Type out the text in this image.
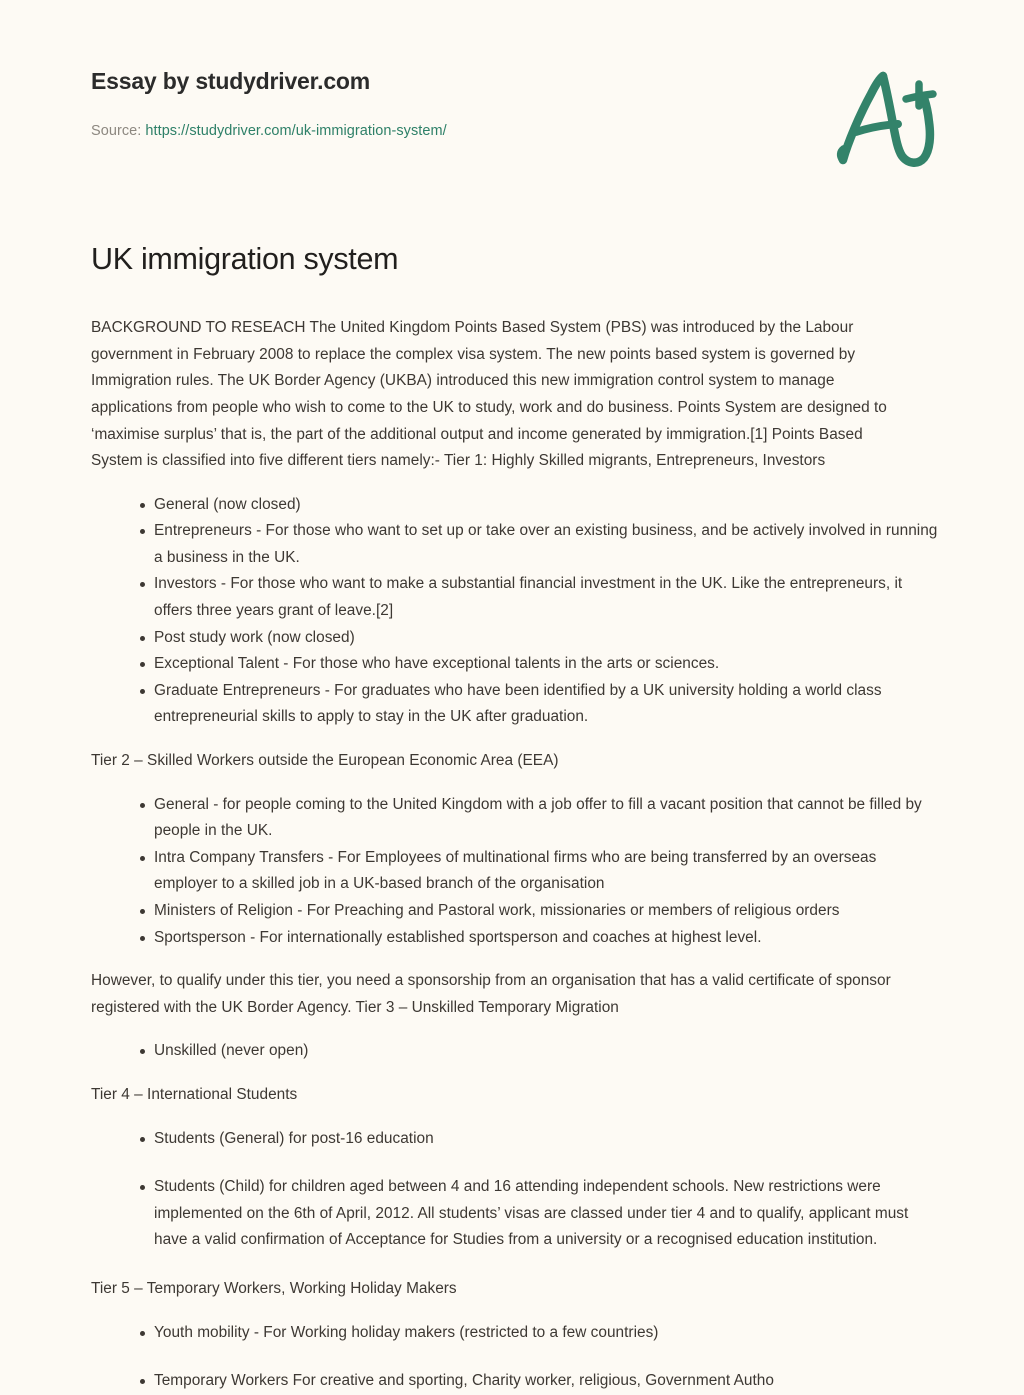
Essay by studydriver.com
Source: https://studydriver.com/uk-immigration-system/
UK immigration system

BACKGROUND TO RESEACH The United Kingdom Points Based System (PBS) was introduced by the Labour government in February 2008 to replace the complex visa system. The new points based system is governed by Immigration rules. The UK Border Agency (UKBA) introduced this new immigration control system to manage applications from people who wish to come to the UK to study, work and do business. Points System are designed to ‘maximise surplus’ that is, the part of the additional output and income generated by immigration.[1] Points Based System is classified into five different tiers namely:- Tier 1: Highly Skilled migrants, Entrepreneurs, Investors

General (now closed)
Entrepreneurs - For those who want to set up or take over an existing business, and be actively involved in running a business in the UK.
Investors - For those who want to make a substantial financial investment in the UK. Like the entrepreneurs, it offers three years grant of leave.[2]
Post study work (now closed)
Exceptional Talent - For those who have exceptional talents in the arts or sciences.
Graduate Entrepreneurs - For graduates who have been identified by a UK university holding a world class entrepreneurial skills to apply to stay in the UK after graduation.

Tier 2 – Skilled Workers outside the European Economic Area (EEA)

General - for people coming to the United Kingdom with a job offer to fill a vacant position that cannot be filled by people in the UK.
Intra Company Transfers - For Employees of multinational firms who are being transferred by an overseas employer to a skilled job in a UK-based branch of the organisation
Ministers of Religion - For Preaching and Pastoral work, missionaries or members of religious orders
Sportsperson - For internationally established sportsperson and coaches at highest level.

However, to qualify under this tier, you need a sponsorship from an organisation that has a valid certificate of sponsor registered with the UK Border Agency. Tier 3 – Unskilled Temporary Migration

Unskilled (never open)

Tier 4 – International Students

Students (General) for post-16 education
Students (Child) for children aged between 4 and 16 attending independent schools. New restrictions were implemented on the 6th of April, 2012. All students’ visas are classed under tier 4 and to qualify, applicant must have a valid confirmation of Acceptance for Studies from a university or a recognised education institution.

Tier 5 – Temporary Workers, Working Holiday Makers

Youth mobility - For Working holiday makers (restricted to a few countries)
Temporary Workers For creative and sporting, Charity worker, religious, Government Autho
